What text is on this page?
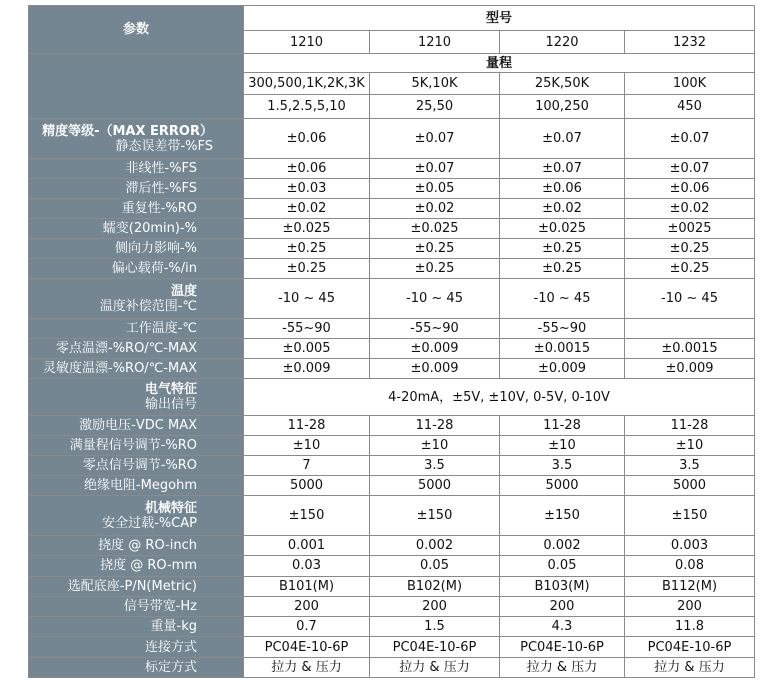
参数	型号			
	1210	1210	1220	1232
	量程			
	300,500,1K,2K,3K	5K,10K	25K,50K	100K
	1.5,2.5,5,10	25,50	100,250	450

精度等级-（MAX ERROR）
静态误差带-%FS	±0.06	±0.07	±0.07	±0.07
非线性-%FS	±0.06	±0.07	±0.07	±0.07
滞后性-%FS	±0.03	±0.05	±0.06	±0.06
重复性-%RO	±0.02	±0.02	±0.02	±0.02
蠕变(20min)-%	±0.025	±0.025	±0.025	±0025
侧向力影响-%	±0.25	±0.25	±0.25	±0.25
偏心载荷-%/in	±0.25	±0.25	±0.25	±0.25

温度
温度补偿范围-℃	-10 ~ 45	-10 ~ 45	-10 ~ 45	-10 ~ 45
工作温度-℃	-55~90	-55~90	-55~90	
零点温漂-%RO/℃-MAX	±0.005	±0.009	±0.0015	±0.0015
灵敏度温漂-%RO/℃-MAX	±0.009	±0.009	±0.009	±0.009

电气特征
输出信号	4-20mA，±5V, ±10V, 0-5V, 0-10V			
激励电压-VDC MAX	11-28	11-28	11-28	11-28
满量程信号调节-%RO	±10	±10	±10	±10
零点信号调节-%RO	7	3.5	3.5	3.5
绝缘电阻-Megohm	5000	5000	5000	5000

机械特征
安全过载-%CAP	±150	±150	±150	±150
挠度 @ RO-inch	0.001	0.002	0.002	0.003
挠度 @ RO-mm	0.03	0.05	0.05	0.08
选配底座-P/N(Metric)	B101(M)	B102(M)	B103(M)	B112(M)
信号带宽-Hz	200	200	200	200
重量-kg	0.7	1.5	4.3	11.8
连接方式	PC04E-10-6P	PC04E-10-6P	PC04E-10-6P	PC04E-10-6P
标定方式	拉力 & 压力	拉力 & 压力	拉力 & 压力	拉力 & 压力
